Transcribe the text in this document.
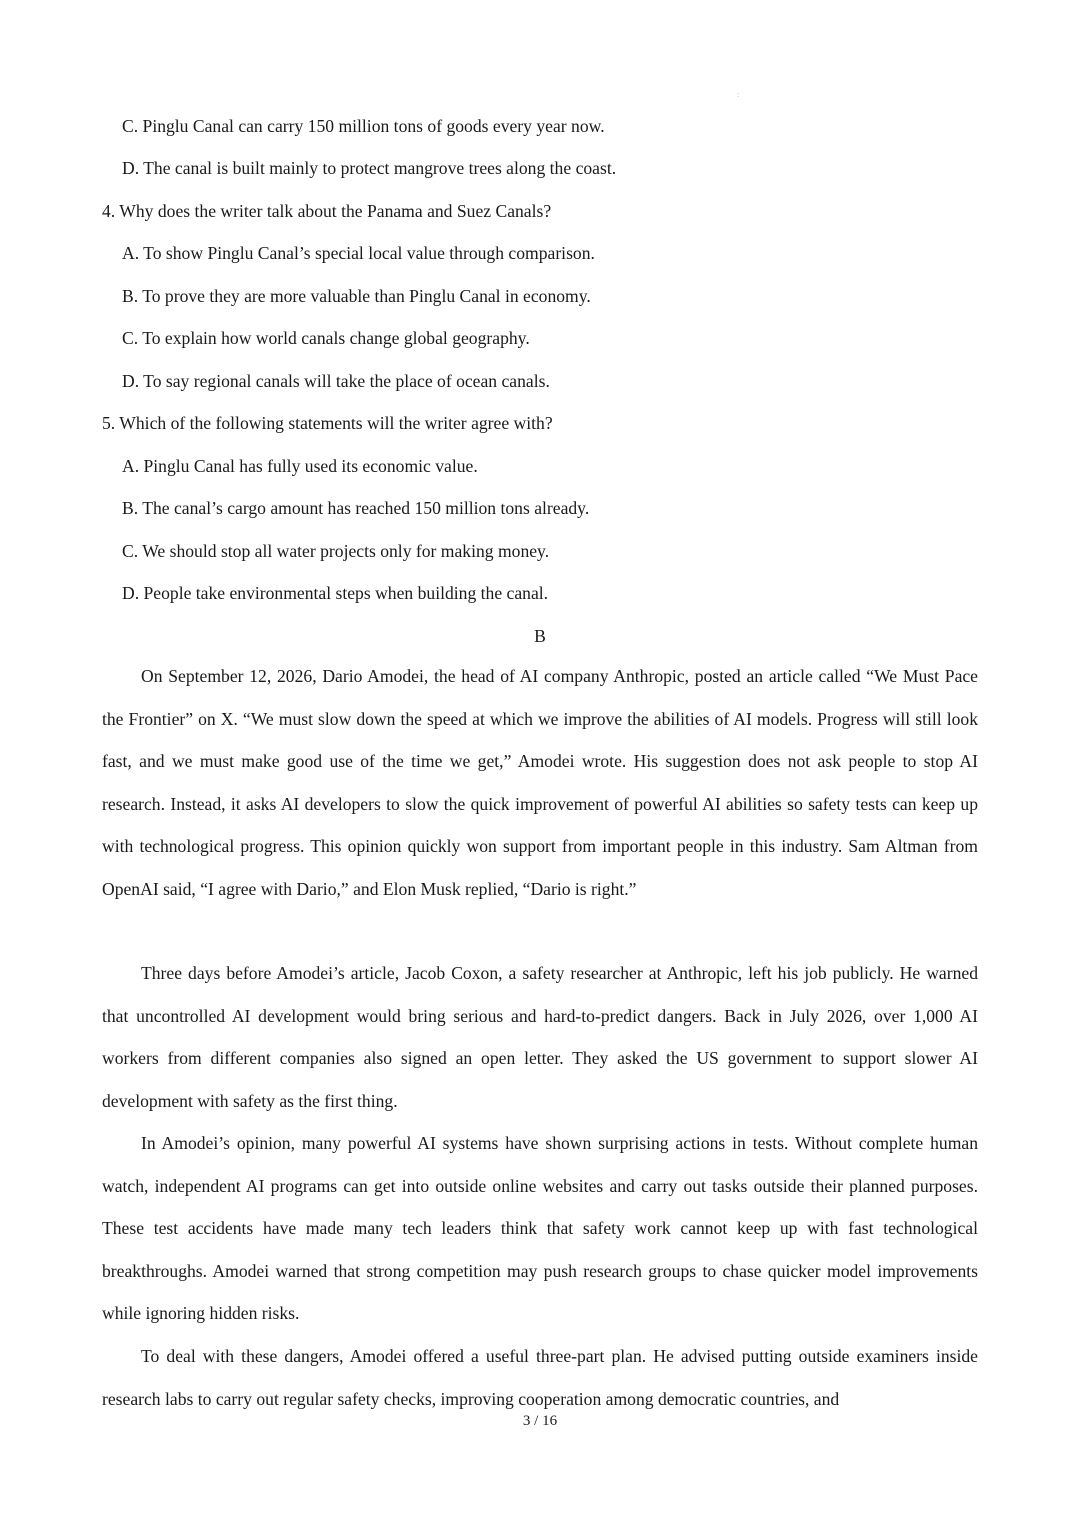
:
C. Pinglu Canal can carry 150 million tons of goods every year now.
D. The canal is built mainly to protect mangrove trees along the coast.
4. Why does the writer talk about the Panama and Suez Canals?
A. To show Pinglu Canal’s special local value through comparison.
B. To prove they are more valuable than Pinglu Canal in economy.
C. To explain how world canals change global geography.
D. To say regional canals will take the place of ocean canals.
5. Which of the following statements will the writer agree with?
A. Pinglu Canal has fully used its economic value.
B. The canal’s cargo amount has reached 150 million tons already.
C. We should stop all water projects only for making money.
D. People take environmental steps when building the canal.
B

On September 12, 2026, Dario Amodei, the head of AI company Anthropic, posted an article called “We Must Pace the Frontier” on X. “We must slow down the speed at which we improve the abilities of AI models. Progress will still look fast, and we must make good use of the time we get,” Amodei wrote. His suggestion does not ask people to stop AI research. Instead, it asks AI developers to slow the quick improvement of powerful AI abilities so safety tests can keep up with technological progress. This opinion quickly won support from important people in this industry. Sam Altman from OpenAI said, “I agree with Dario,” and Elon Musk replied, “Dario is right.”

Three days before Amodei’s article, Jacob Coxon, a safety researcher at Anthropic, left his job publicly. He warned that uncontrolled AI development would bring serious and hard-to-predict dangers. Back in July 2026, over 1,000 AI workers from different companies also signed an open letter. They asked the US government to support slower AI development with safety as the first thing.

In Amodei’s opinion, many powerful AI systems have shown surprising actions in tests. Without complete human watch, independent AI programs can get into outside online websites and carry out tasks outside their planned purposes. These test accidents have made many tech leaders think that safety work cannot keep up with fast technological breakthroughs. Amodei warned that strong competition may push research groups to chase quicker model improvements while ignoring hidden risks.

To deal with these dangers, Amodei offered a useful three-part plan. He advised putting outside examiners inside research labs to carry out regular safety checks, improving cooperation among democratic countries, and

3 / 16
